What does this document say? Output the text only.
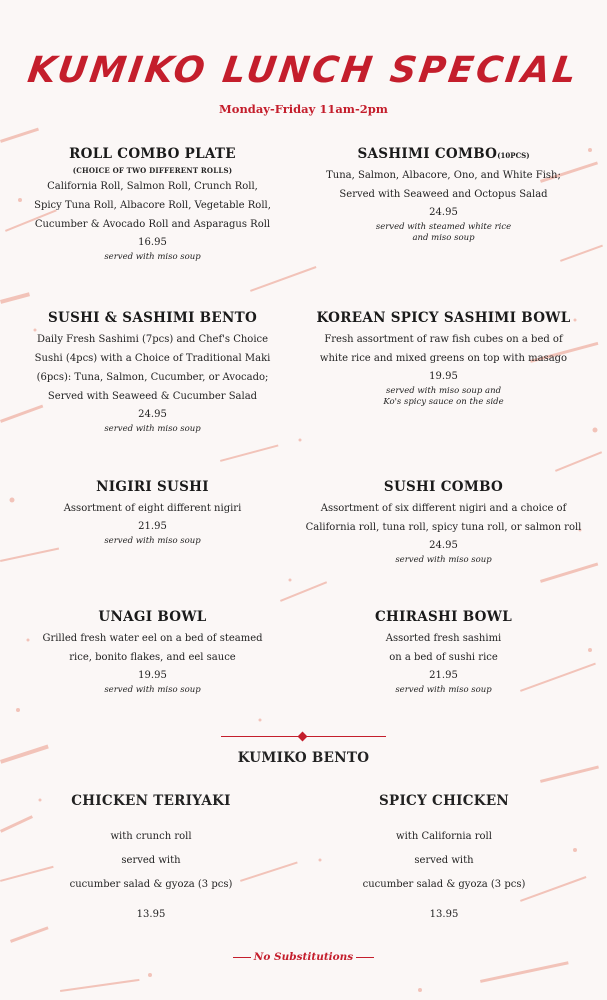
KUMIKO LUNCH SPECIAL
Monday-Friday 11am-2pm
ROLL COMBO PLATE
(CHOICE OF TWO DIFFERENT ROLLS)
California Roll, Salmon Roll, Crunch Roll,
Spicy Tuna Roll, Albacore Roll, Vegetable Roll,
Cucumber & Avocado Roll and Asparagus Roll
16.95
served with miso soup
SASHIMI COMBO(10PCS)
Tuna, Salmon, Albacore, Ono, and White Fish;
Served with Seaweed and Octopus Salad
24.95
served with steamed white rice
and miso soup
SUSHI & SASHIMI BENTO
Daily Fresh Sashimi (7pcs) and Chef's Choice
Sushi (4pcs) with a Choice of Traditional Maki
(6pcs): Tuna, Salmon, Cucumber, or Avocado;
Served with Seaweed & Cucumber Salad
24.95
served with miso soup
KOREAN SPICY SASHIMI BOWL
Fresh assortment of raw fish cubes on a bed of
white rice and mixed greens on top with masago
19.95
served with miso soup and
Ko's spicy sauce on the side
NIGIRI SUSHI
Assortment of eight different nigiri
21.95
served with miso soup
SUSHI COMBO
Assortment of six different nigiri and a choice of
California roll, tuna roll, spicy tuna roll, or salmon roll
24.95
served with miso soup
UNAGI BOWL
Grilled fresh water eel on a bed of steamed
rice, bonito flakes, and eel sauce
19.95
served with miso soup
CHIRASHI BOWL
Assorted fresh sashimi
on a bed of sushi rice
21.95
served with miso soup
KUMIKO BENTO
CHICKEN TERIYAKI
with crunch roll
served with
cucumber salad & gyoza (3 pcs)
13.95
SPICY CHICKEN
with California roll
served with
cucumber salad & gyoza (3 pcs)
13.95
No Substitutions
